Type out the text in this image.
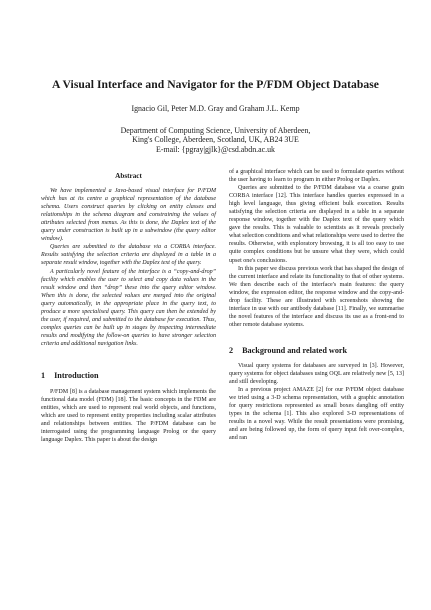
A Visual Interface and Navigator for the P/FDM Object Database
Ignacio Gil, Peter M.D. Gray and Graham J.L. Kemp
Department of Computing Science, University of Aberdeen,
King's College, Aberdeen, Scotland, UK, AB24 3UE
E-mail: {pgray|gjlk}@csd.abdn.ac.uk
Abstract

We have implemented a Java-based visual interface for P/FDM which has at its centre a graphical representation of the database schema. Users construct queries by clicking on entity classes and relationships in the schema diagram and constraining the values of attributes selected from menus. As this is done, the Daplex text of the query under construction is built up in a subwindow (the query editor window).

Queries are submitted to the database via a CORBA interface. Results satisfying the selection criteria are displayed in a table in a separate result window, together with the Daplex text of the query.

A particularly novel feature of the interface is a “copy-and-drop” facility which enables the user to select and copy data values in the result window and then “drop” these into the query editor window. When this is done, the selected values are merged into the original query automatically, in the appropriate place in the query text, to produce a more specialised query. This query can then be extended by the user, if required, and submitted to the database for execution. Thus, complex queries can be built up in stages by inspecting intermediate results and modifying the follow-on queries to have stronger selection criteria and additional navigation links.

1 Introduction

P/FDM [8] is a database management system which implements the functional data model (FDM) [18]. The basic concepts in the FDM are entities, which are used to represent real world objects, and functions, which are used to represent entity properties including scalar attributes and relationships between entities. The P/FDM database can be interrogated using the programming language Prolog or the query language Daplex. This paper is about the design

of a graphical interface which can be used to formulate queries without the user having to learn to program in either Prolog or Daplex.

Queries are submitted to the P/FDM database via a coarse grain CORBA interface [12]. This interface handles queries expressed in a high level language, thus giving efficient bulk execution. Results satisfying the selection criteria are displayed in a table in a separate response window, together with the Daplex text of the query which gave the results. This is valuable to scientists as it reveals precisely what selection conditions and what relationships were used to derive the results. Otherwise, with exploratory browsing, it is all too easy to use quite complex conditions but be unsure what they were, which could upset one's conclusions.

In this paper we discuss previous work that has shaped the design of the current interface and relate its functionality to that of other systems. We then describe each of the interface's main features: the query window, the expression editor, the response window and the copy-and-drop facility. These are illustrated with screenshots showing the interface in use with our antibody database [11]. Finally, we summarise the novel features of the interface and discuss its use as a front-end to other remote database systems.

2 Background and related work

Visual query systems for databases are surveyed in [3]. However, query systems for object databases using OQL are relatively new [5, 13] and still developing.

In a previous project AMAZE [2] for our P/FDM object database we tried using a 3-D schema representation, with a graphic annotation for query restrictions represented as small boxes dangling off entity types in the schema [1]. This also explored 3-D representations of results in a novel way. While the result presentations were promising, and are being followed up, the form of query input felt over-complex, and ran
